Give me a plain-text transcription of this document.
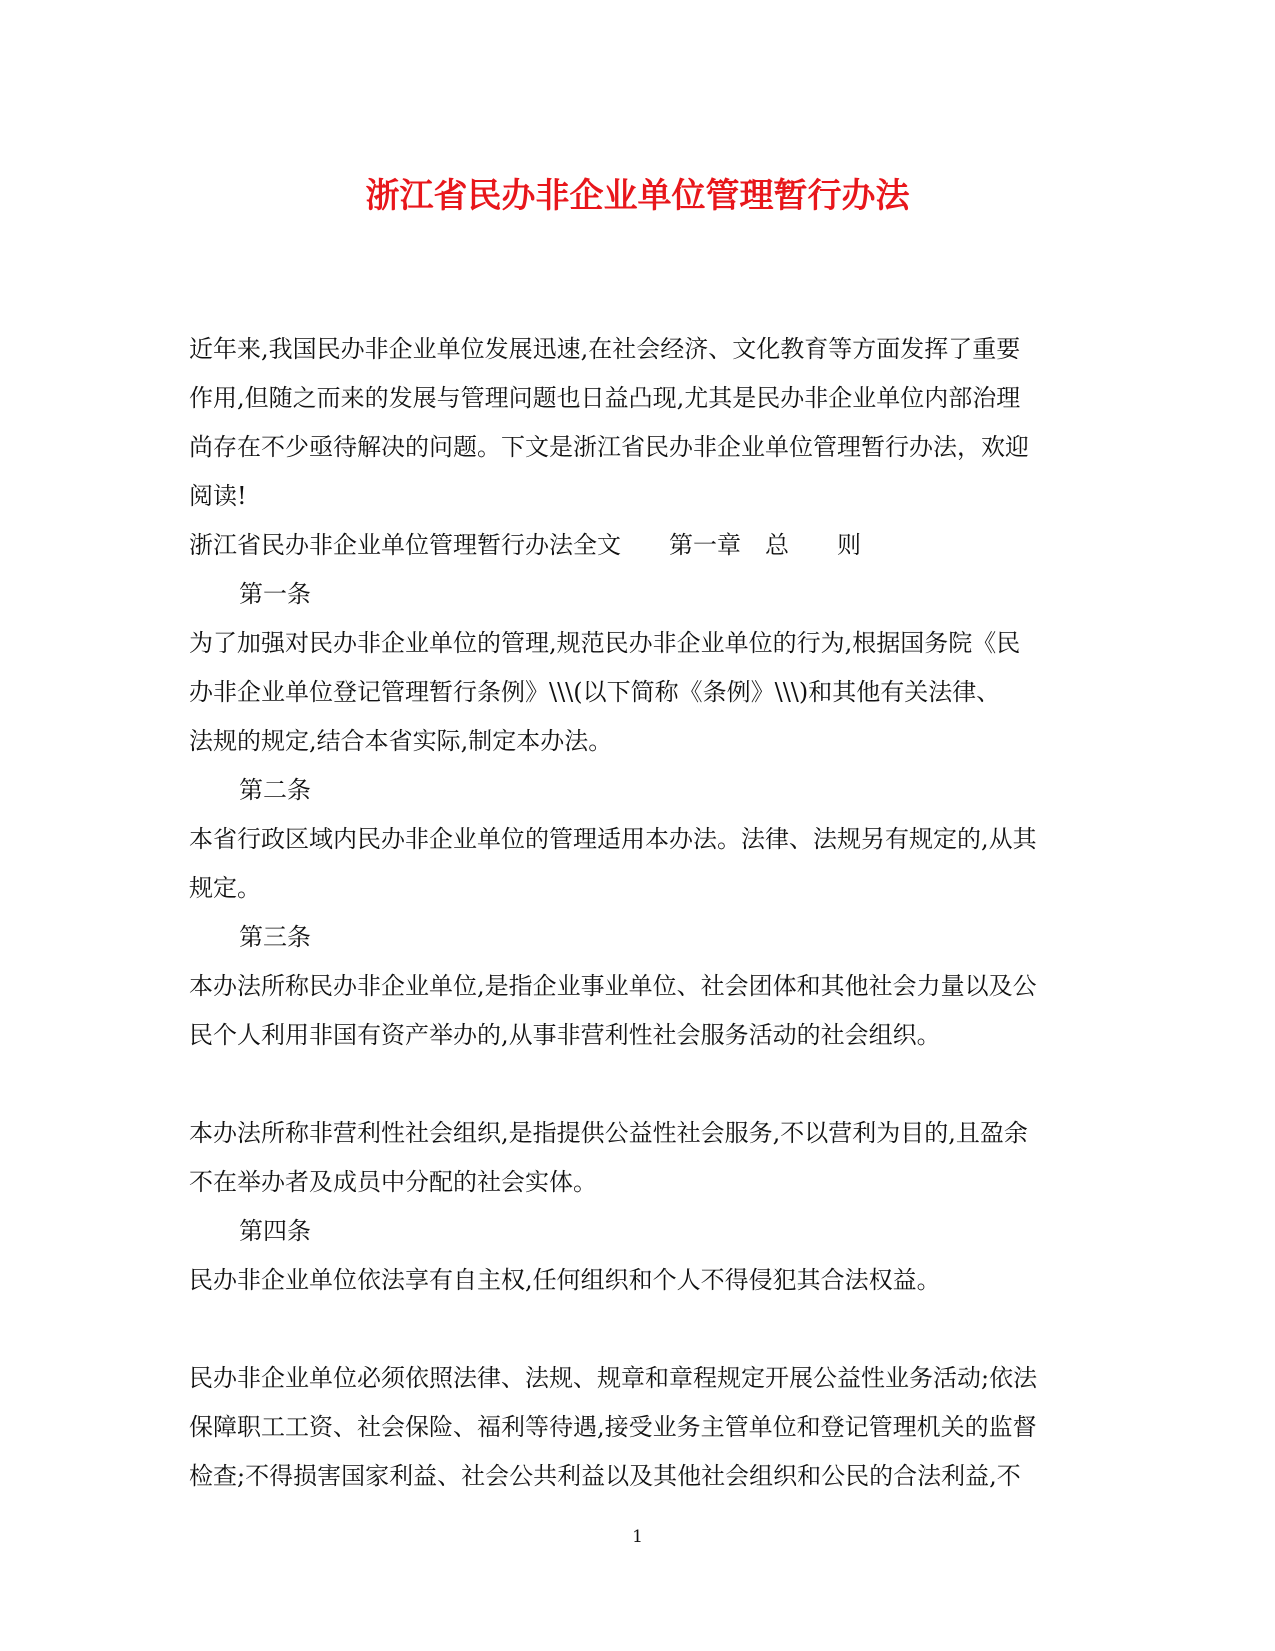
浙江省民办非企业单位管理暂行办法

近年来,我国民办非企业单位发展迅速,在社会经济、文化教育等方面发挥了重要

作用,但随之而来的发展与管理问题也日益凸现,尤其是民办非企业单位内部治理

尚存在不少亟待解决的问题。下文是浙江省民办非企业单位管理暂行办法，欢迎

阅读!

浙江省民办非企业单位管理暂行办法全文　　第一章　总　　则

第一条

为了加强对民办非企业单位的管理,规范民办非企业单位的行为,根据国务院《民

办非企业单位登记管理暂行条例》\\\(以下简称《条例》\\\)和其他有关法律、

法规的规定,结合本省实际,制定本办法。

第二条

本省行政区域内民办非企业单位的管理适用本办法。法律、法规另有规定的,从其

规定。

第三条

本办法所称民办非企业单位,是指企业事业单位、社会团体和其他社会力量以及公

民个人利用非国有资产举办的,从事非营利性社会服务活动的社会组织。

本办法所称非营利性社会组织,是指提供公益性社会服务,不以营利为目的,且盈余

不在举办者及成员中分配的社会实体。

第四条

民办非企业单位依法享有自主权,任何组织和个人不得侵犯其合法权益。

民办非企业单位必须依照法律、法规、规章和章程规定开展公益性业务活动;依法

保障职工工资、社会保险、福利等待遇,接受业务主管单位和登记管理机关的监督

检查;不得损害国家利益、社会公共利益以及其他社会组织和公民的合法利益,不

1
